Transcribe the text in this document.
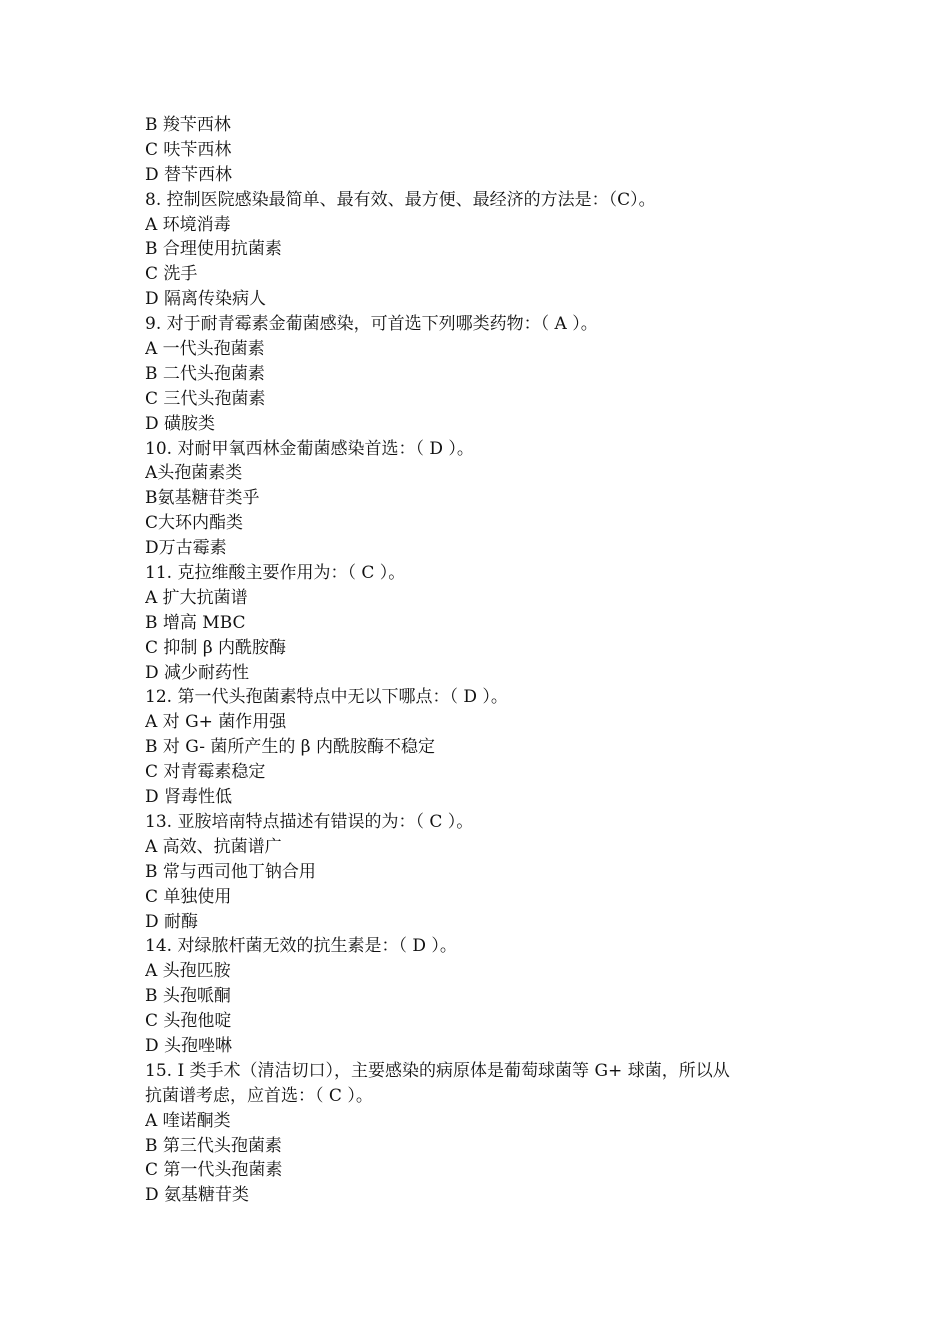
B 羧苄西林
C 呋苄西林
D 替苄西林
8. 控制医院感染最简单、最有效、最方便、最经济的方法是：（C）。
A 环境消毒
B 合理使用抗菌素
C 洗手
D 隔离传染病人
9. 对于耐青霉素金葡菌感染，可首选下列哪类药物：（ A ）。
A 一代头孢菌素
B 二代头孢菌素
C 三代头孢菌素
D 磺胺类
10. 对耐甲氧西林金葡菌感染首选：（ D ）。
A头孢菌素类
B氨基糖苷类乎
C大环内酯类
D万古霉素
11. 克拉维酸主要作用为：（ C ）。
A 扩大抗菌谱
B 增高 MBC
C 抑制 β 内酰胺酶
D 减少耐药性
12. 第一代头孢菌素特点中无以下哪点：（ D ）。
A 对 G+ 菌作用强
B 对 G- 菌所产生的 β 内酰胺酶不稳定
C 对青霉素稳定
D 肾毒性低
13. 亚胺培南特点描述有错误的为：（ C ）。
A 高效、抗菌谱广
B 常与西司他丁钠合用
C 单独使用
D 耐酶
14. 对绿脓杆菌无效的抗生素是：（ D ）。
A 头孢匹胺
B 头孢哌酮
C 头孢他啶
D 头孢唑啉
15. I 类手术（清洁切口），主要感染的病原体是葡萄球菌等 G+ 球菌，所以从
抗菌谱考虑，应首选：（ C ）。
A 喹诺酮类
B 第三代头孢菌素
C 第一代头孢菌素
D 氨基糖苷类
